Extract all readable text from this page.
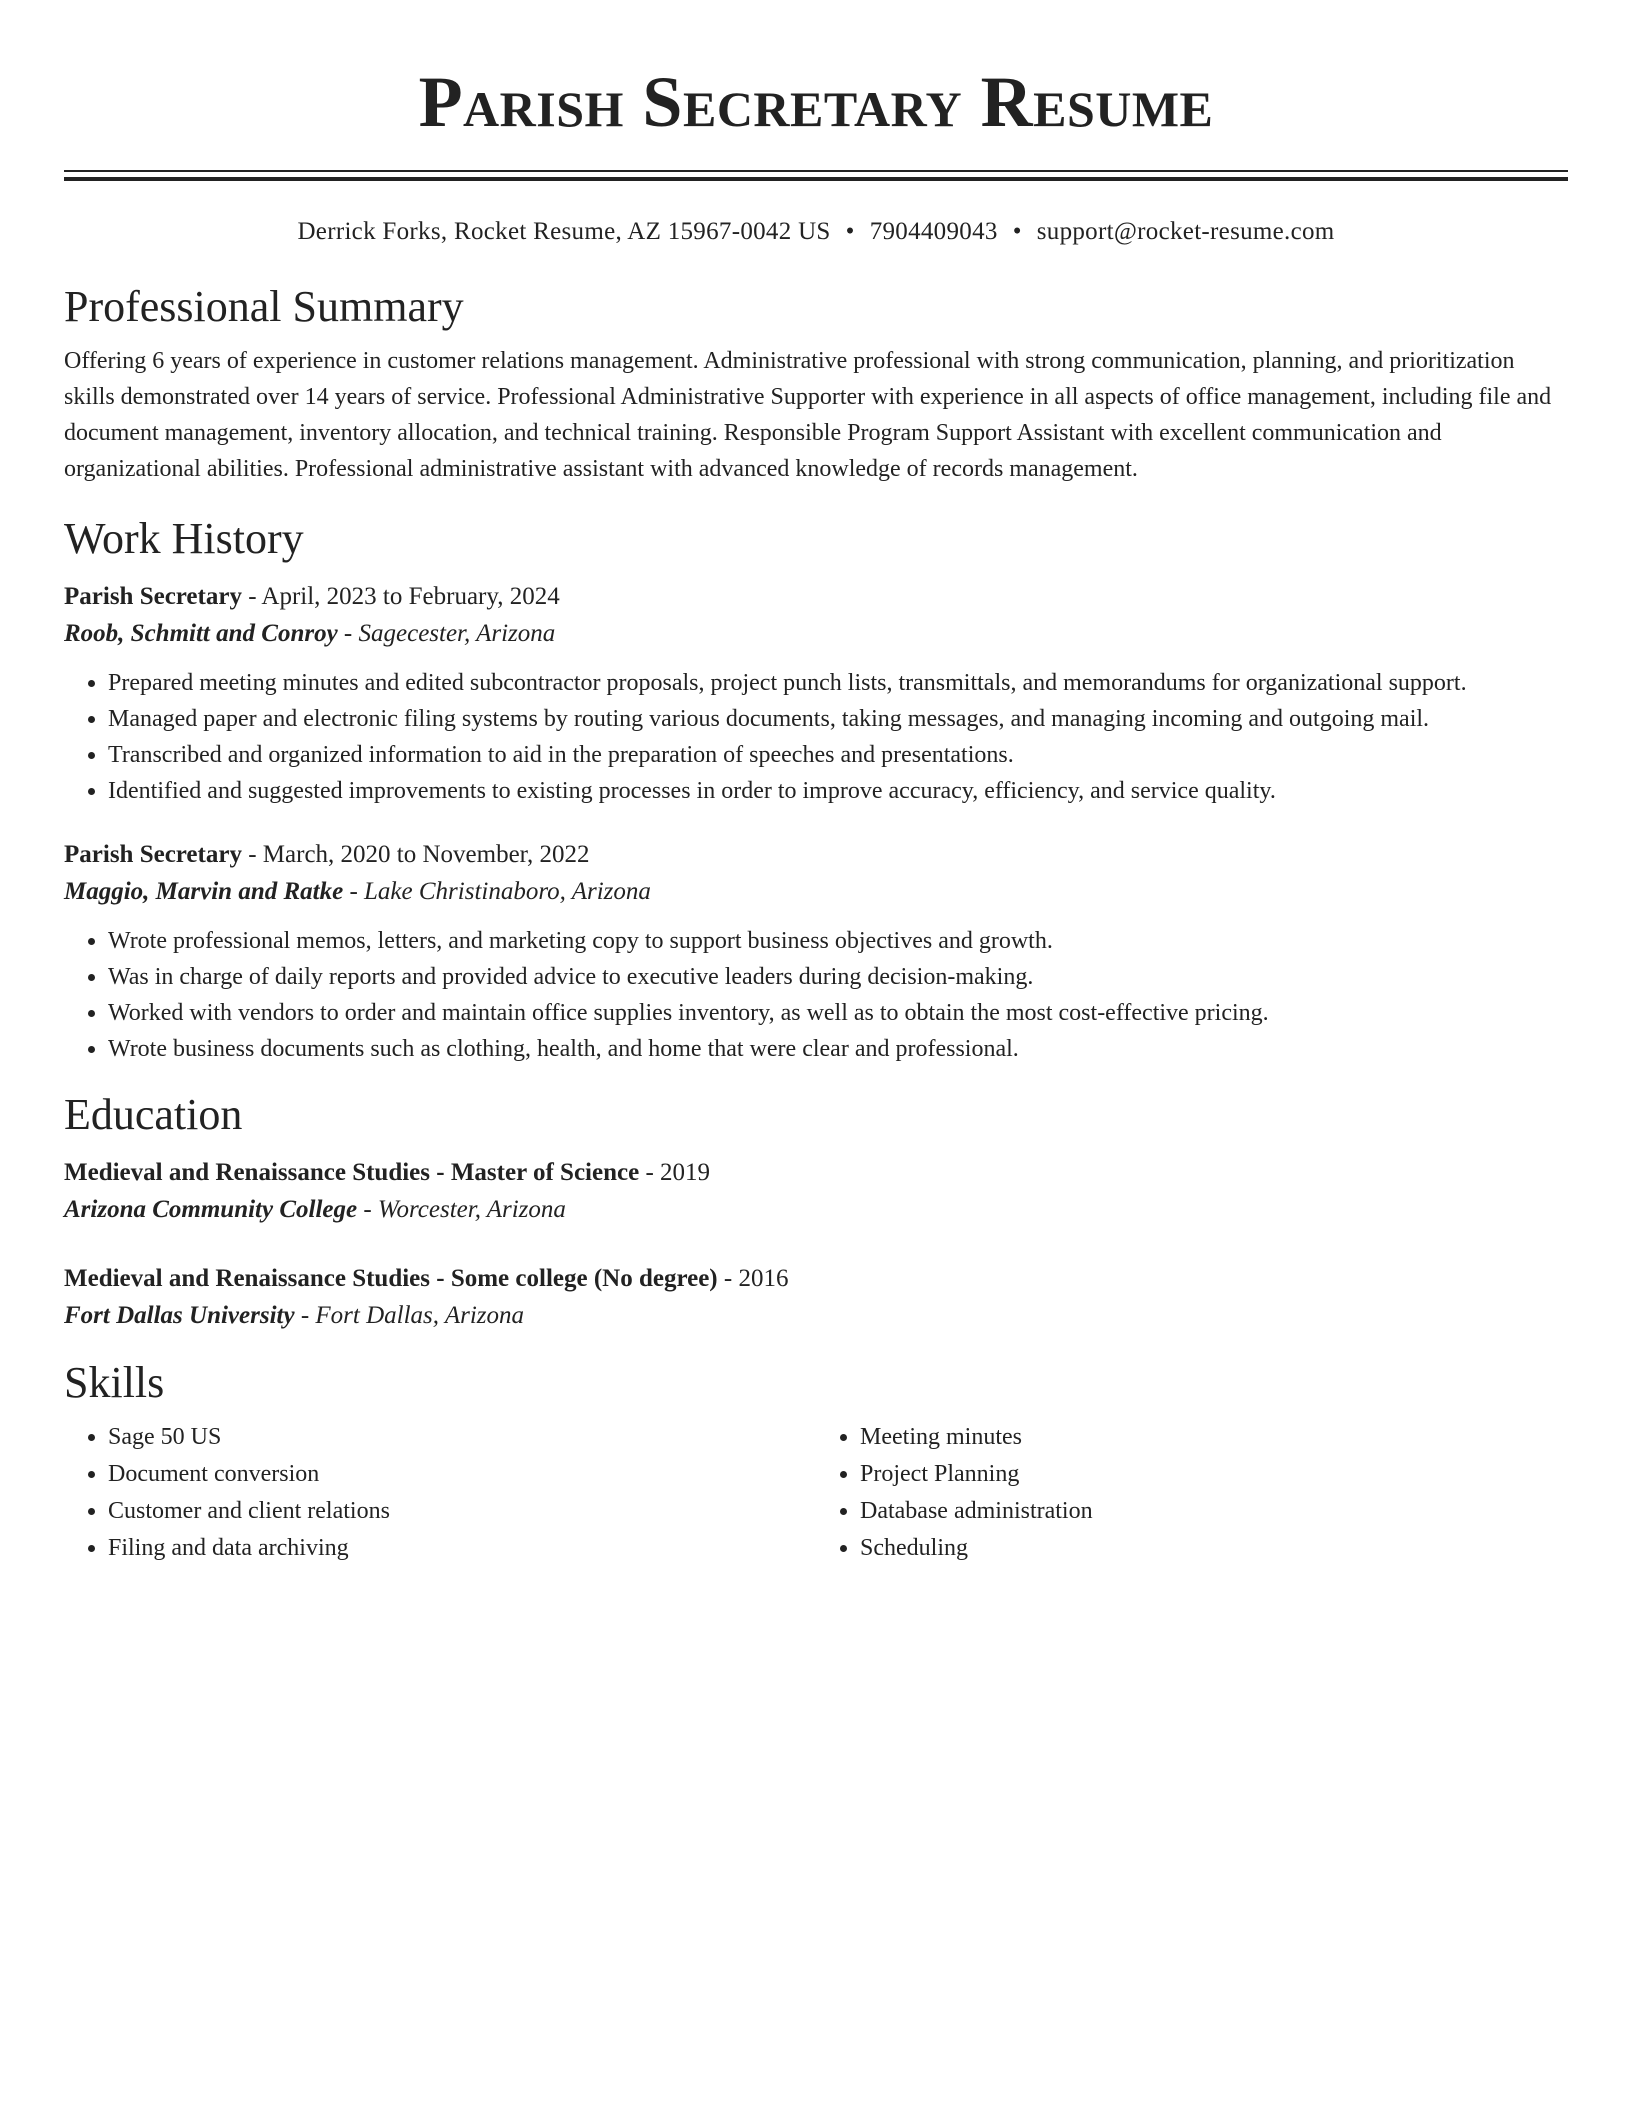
Parish Secretary Resume
Derrick Forks, Rocket Resume, AZ 15967-0042 US • 7904409043 • support@rocket-resume.com
Professional Summary

Offering 6 years of experience in customer relations management. Administrative professional with strong communication, planning, and prioritization skills demonstrated over 14 years of service. Professional Administrative Supporter with experience in all aspects of office management, including file and document management, inventory allocation, and technical training. Responsible Program Support Assistant with excellent communication and organizational abilities. Professional administrative assistant with advanced knowledge of records management.

Work History
Parish Secretary - April, 2023 to February, 2024
Roob, Schmitt and Conroy - Sagecester, Arizona
• Prepared meeting minutes and edited subcontractor proposals, project punch lists, transmittals, and memorandums for organizational support.
• Managed paper and electronic filing systems by routing various documents, taking messages, and managing incoming and outgoing mail.
• Transcribed and organized information to aid in the preparation of speeches and presentations.
• Identified and suggested improvements to existing processes in order to improve accuracy, efficiency, and service quality.
Parish Secretary - March, 2020 to November, 2022
Maggio, Marvin and Ratke - Lake Christinaboro, Arizona
• Wrote professional memos, letters, and marketing copy to support business objectives and growth.
• Was in charge of daily reports and provided advice to executive leaders during decision-making.
• Worked with vendors to order and maintain office supplies inventory, as well as to obtain the most cost-effective pricing.
• Wrote business documents such as clothing, health, and home that were clear and professional.
Education
Medieval and Renaissance Studies - Master of Science - 2019
Arizona Community College - Worcester, Arizona
Medieval and Renaissance Studies - Some college (No degree) - 2016
Fort Dallas University - Fort Dallas, Arizona
Skills
• Sage 50 US
• Document conversion
• Customer and client relations
• Filing and data archiving
• Meeting minutes
• Project Planning
• Database administration
• Scheduling
